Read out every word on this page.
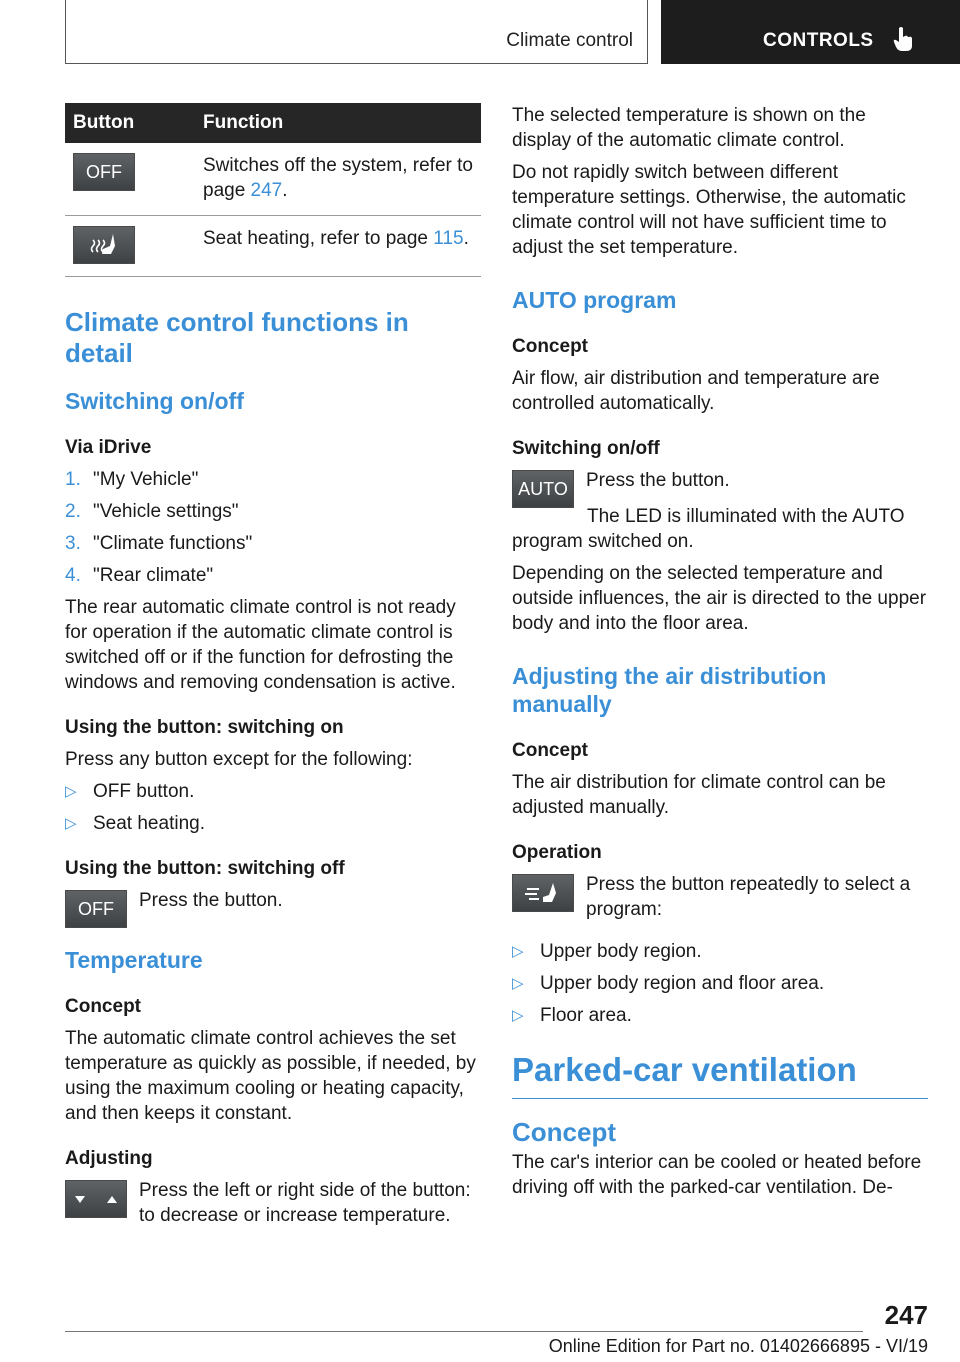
Climate control	CONTROLS
Button	Function

OFF	Switches off the system, refer to page 247.

	Seat heating, refer to page 115.
Climate control functions in detail
Switching on/off
Via iDrive
1. "My Vehicle"
2. "Vehicle settings"
3. "Climate functions"
4. "Rear climate"

The rear automatic climate control is not ready for operation if the automatic climate control is switched off or if the function for defrosting the windows and removing condensation is active.

Using the button: switching on

Press any button except for the following:

▷ OFF button.
▷ Seat heating.
Using the button: switching off
OFF	Press the button.

Temperature
Concept

The automatic climate control achieves the set temperature as quickly as possible, if needed, by using the maximum cooling or heating capacity, and then keeps it constant.

Adjusting

Press the left or right side of the button: to decrease or increase temperature.

The selected temperature is shown on the display of the automatic climate control.

Do not rapidly switch between different temperature settings. Otherwise, the automatic climate control will not have sufficient time to adjust the set temperature.

AUTO program
Concept

Air flow, air distribution and temperature are controlled automatically.

Switching on/off
AUTO Press the button.

The LED is illuminated with the AUTO program switched on.

Depending on the selected temperature and outside influences, the air is directed to the upper body and into the floor area.

Adjusting the air distribution manually
Concept

The air distribution for climate control can be adjusted manually.

Operation

Press the button repeatedly to select a program:

▷ Upper body region.
▷ Upper body region and floor area.
▷ Floor area.
Parked-car ventilation
Concept

The car's interior can be cooled or heated before driving off with the parked-car ventilation. De-

247
Online Edition for Part no. 01402666895 - VI/19
